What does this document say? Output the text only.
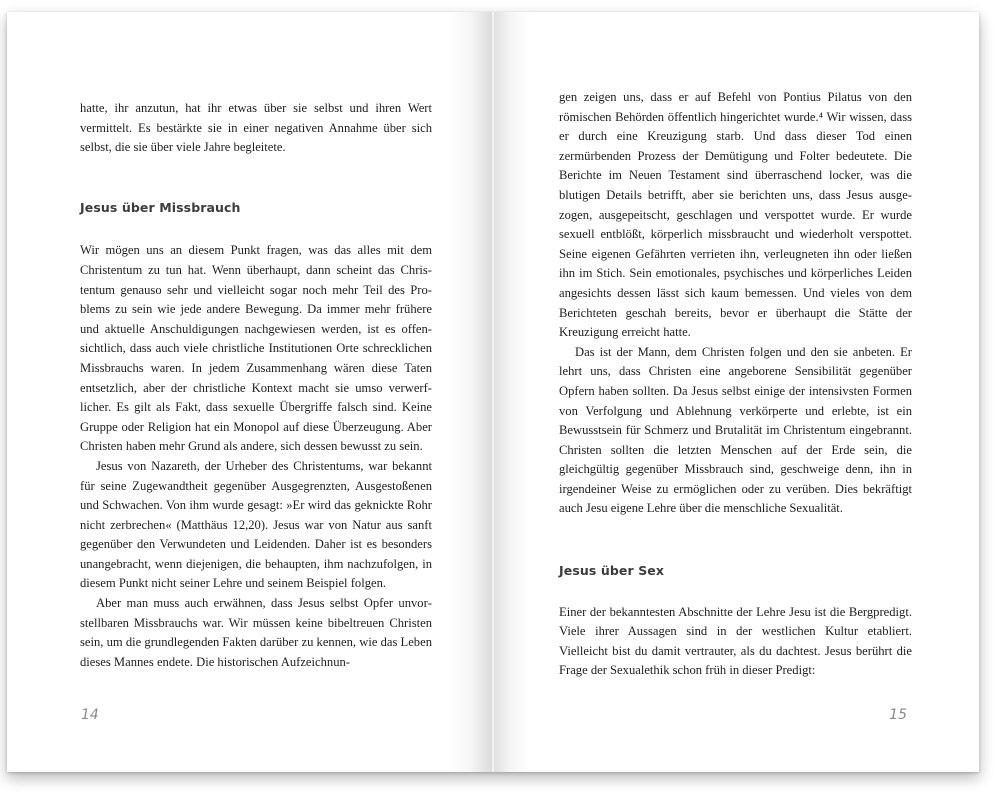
hatte, ihr anzutun, hat ihr etwas über sie selbst und ihren Wert vermittelt. Es bestärkte sie in einer negativen Annahme über sich selbst, die sie über viele Jahre begleitete.

Jesus über Missbrauch

Wir mögen uns an diesem Punkt fragen, was das alles mit dem Christentum zu tun hat. Wenn überhaupt, dann scheint das Christentum genauso sehr und vielleicht sogar noch mehr Teil des Problems zu sein wie jede andere Bewegung. Da immer mehr frühere und aktuelle Anschuldigungen nachgewiesen werden, ist es offensichtlich, dass auch viele christliche Institutionen Orte schrecklichen Missbrauchs waren. In jedem Zusammenhang wären diese Taten entsetzlich, aber der christliche Kontext macht sie umso verwerflicher. Es gilt als Fakt, dass sexuelle Übergriffe falsch sind. Keine Gruppe oder Religion hat ein Monopol auf diese Überzeugung. Aber Christen haben mehr Grund als andere, sich dessen bewusst zu sein.

Jesus von Nazareth, der Urheber des Christentums, war bekannt für seine Zugewandtheit gegenüber Ausgegrenzten, Ausgestoßenen und Schwachen. Von ihm wurde gesagt: »Er wird das geknickte Rohr nicht zerbrechen« (Matthäus 12,20). Jesus war von Natur aus sanft gegenüber den Verwundeten und Leidenden. Daher ist es besonders unangebracht, wenn diejenigen, die behaupten, ihm nachzufolgen, in diesem Punkt nicht seiner Lehre und seinem Beispiel folgen.

Aber man muss auch erwähnen, dass Jesus selbst Opfer unvorstellbaren Missbrauchs war. Wir müssen keine bibeltreuen Christen sein, um die grundlegenden Fakten darüber zu kennen, wie das Leben dieses Mannes endete. Die historischen Aufzeichnun-

14

gen zeigen uns, dass er auf Befehl von Pontius Pilatus von den römischen Behörden öffentlich hingerichtet wurde.⁴ Wir wissen, dass er durch eine Kreuzigung starb. Und dass dieser Tod einen zermürbenden Prozess der Demütigung und Folter bedeutete. Die Berichte im Neuen Testament sind überraschend locker, was die blutigen Details betrifft, aber sie berichten uns, dass Jesus ausgezogen, ausgepeitscht, geschlagen und verspottet wurde. Er wurde sexuell entblößt, körperlich missbraucht und wiederholt verspottet. Seine eigenen Gefährten verrieten ihn, verleugneten ihn oder ließen ihn im Stich. Sein emotionales, psychisches und körperliches Leiden angesichts dessen lässt sich kaum bemessen. Und vieles von dem Berichteten geschah bereits, bevor er überhaupt die Stätte der Kreuzigung erreicht hatte.

Das ist der Mann, dem Christen folgen und den sie anbeten. Er lehrt uns, dass Christen eine angeborene Sensibilität gegenüber Opfern haben sollten. Da Jesus selbst einige der intensivsten Formen von Verfolgung und Ablehnung verkörperte und erlebte, ist ein Bewusstsein für Schmerz und Brutalität im Christentum eingebrannt. Christen sollten die letzten Menschen auf der Erde sein, die gleichgültig gegenüber Missbrauch sind, geschweige denn, ihn in irgendeiner Weise zu ermöglichen oder zu verüben. Dies bekräftigt auch Jesu eigene Lehre über die menschliche Sexualität.

Jesus über Sex

Einer der bekanntesten Abschnitte der Lehre Jesu ist die Bergpredigt. Viele ihrer Aussagen sind in der westlichen Kultur etabliert. Vielleicht bist du damit vertrauter, als du dachtest. Jesus berührt die Frage der Sexualethik schon früh in dieser Predigt:

15
